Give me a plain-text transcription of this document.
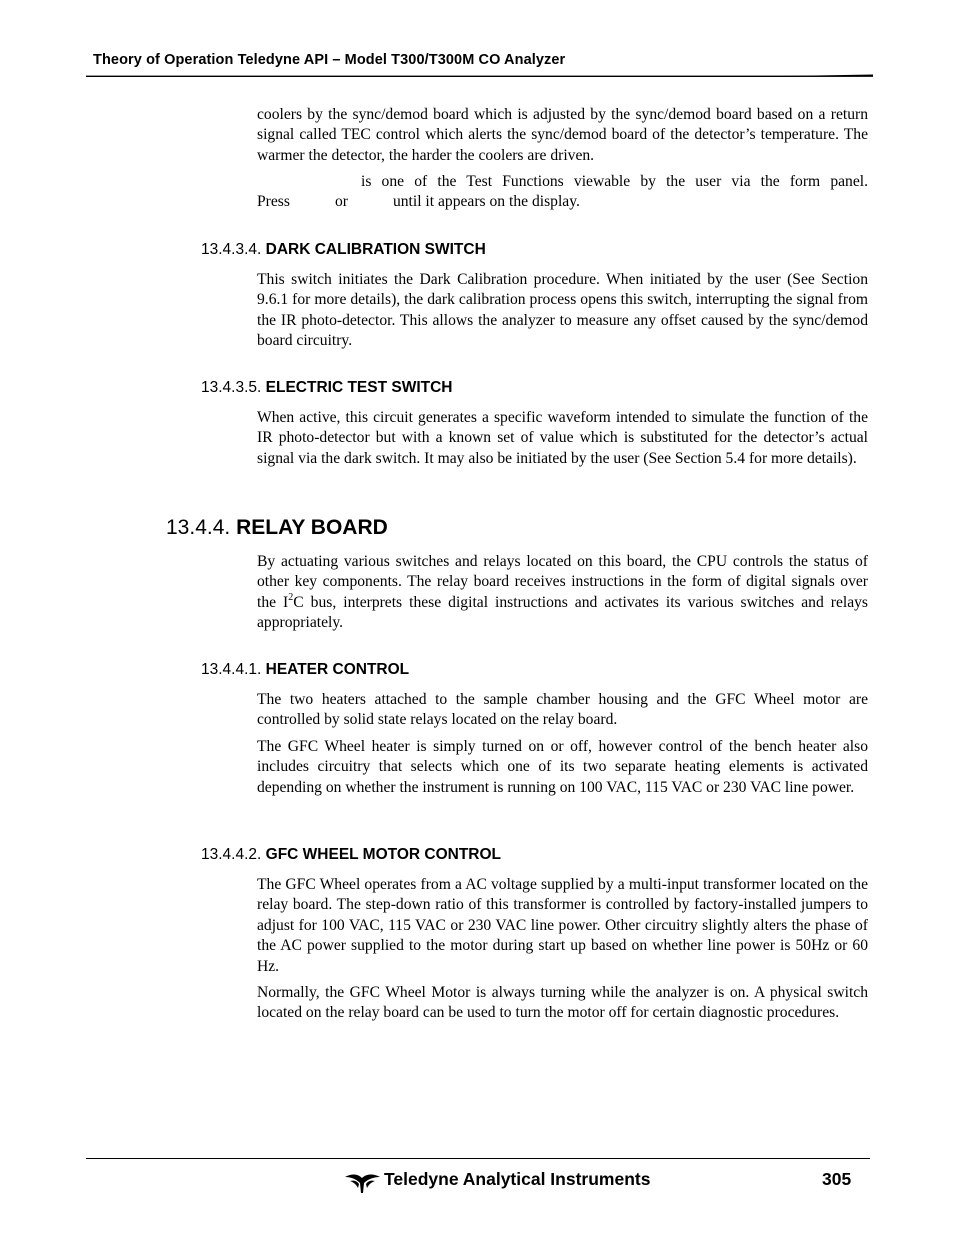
Theory of Operation Teledyne API – Model T300/T300M CO Analyzer

coolers by the sync/demod board which is adjusted by the sync/demod board based on a return signal called TEC control which alerts the sync/demod board of the detector’s temperature. The warmer the detector, the harder the coolers are driven.

is one of the Test Functions viewable by the user via the form panel.

Press	or	until it appears on the display.

13.4.3.4. DARK CALIBRATION SWITCH

This switch initiates the Dark Calibration procedure. When initiated by the user (See Section 9.6.1 for more details), the dark calibration process opens this switch, interrupting the signal from the IR photo-detector. This allows the analyzer to measure any offset caused by the sync/demod board circuitry.

13.4.3.5. ELECTRIC TEST SWITCH

When active, this circuit generates a specific waveform intended to simulate the function of the IR photo-detector but with a known set of value which is substituted for the detector’s actual signal via the dark switch. It may also be initiated by the user (See Section 5.4 for more details).

13.4.4. RELAY BOARD

By actuating various switches and relays located on this board, the CPU controls the status of other key components. The relay board receives instructions in the form of digital signals over the $I^2C$ bus, interprets these digital instructions and activates its various switches and relays appropriately.

13.4.4.1. HEATER CONTROL

The two heaters attached to the sample chamber housing and the GFC Wheel motor are controlled by solid state relays located on the relay board.

The GFC Wheel heater is simply turned on or off, however control of the bench heater also includes circuitry that selects which one of its two separate heating elements is activated depending on whether the instrument is running on 100 VAC, 115 VAC or 230 VAC line power.

13.4.4.2. GFC WHEEL MOTOR CONTROL

The GFC Wheel operates from a AC voltage supplied by a multi-input transformer located on the relay board. The step-down ratio of this transformer is controlled by factory-installed jumpers to adjust for 100 VAC, 115 VAC or 230 VAC line power. Other circuitry slightly alters the phase of the AC power supplied to the motor during start up based on whether line power is 50Hz or 60 Hz.

Normally, the GFC Wheel Motor is always turning while the analyzer is on. A physical switch located on the relay board can be used to turn the motor off for certain diagnostic procedures.

Teledyne Analytical Instruments	305
